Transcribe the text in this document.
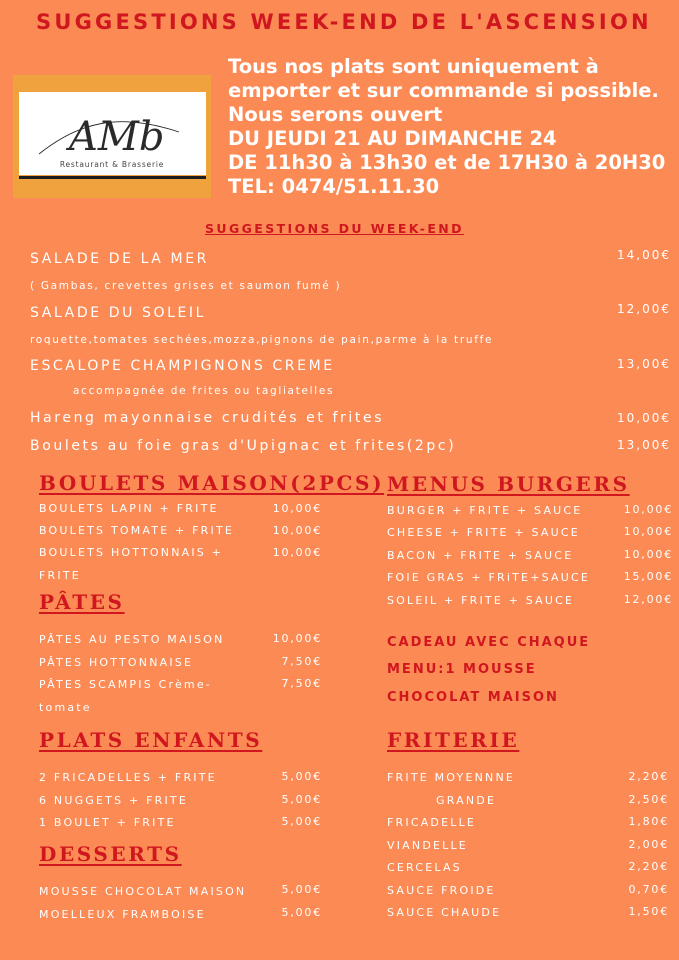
SUGGESTIONS WEEK-END DE L'ASCENSION
AMb
Restaurant & Brasserie
Tous nos plats sont uniquement à
emporter et sur commande si possible.
Nous serons ouvert
DU JEUDI 21 AU DIMANCHE 24
DE 11h30 à 13h30 et de 17H30 à 20H30
TEL: 0474/51.11.30
SUGGESTIONS DU WEEK-END
SALADE DE LA MER	14,00€
( Gambas, crevettes grises et saumon fumé )
SALADE DU SOLEIL	12,00€
roquette,tomates sechées,mozza,pignons de pain,parme à la truffe
ESCALOPE CHAMPIGNONS CREME	13,00€
accompagnée de frites ou tagliatelles
Hareng mayonnaise crudités et frites	10,00€
Boulets au foie gras d'Upignac et frites(2pc)	13,00€
BOULETS MAISON(2PCS)
BOULETS LAPIN + FRITE	10,00€
BOULETS TOMATE + FRITE	10,00€
BOULETS HOTTONNAIS +	10,00€
FRITE
PÂTES
PÂTES AU PESTO MAISON	10,00€
PÂTES HOTTONNAISE	7,50€
PÂTES SCAMPIS Crème-	7,50€
tomate
PLATS ENFANTS
2 FRICADELLES + FRITE	5,00€
6 NUGGETS + FRITE	5,00€
1 BOULET + FRITE	5,00€
DESSERTS
MOUSSE CHOCOLAT MAISON	5,00€
MOELLEUX FRAMBOISE	5,00€
MENUS BURGERS
BURGER + FRITE + SAUCE	10,00€
CHEESE + FRITE + SAUCE	10,00€
BACON + FRITE + SAUCE	10,00€
FOIE GRAS + FRiTE+SAUCE	15,00€
SOLEIL + FRITE + SAUCE	12,00€
CADEAU AVEC CHAQUE
MENU:1 MOUSSE
CHOCOLAT MAISON
FRITERIE
FRITE MOYENNNE	2,20€
GRANDE	2,50€
FRICADELLE	1,80€
VIANDELLE	2,00€
CERCELAS	2,20€
SAUCE FROIDE	0,70€
SAUCE CHAUDE	1,50€
